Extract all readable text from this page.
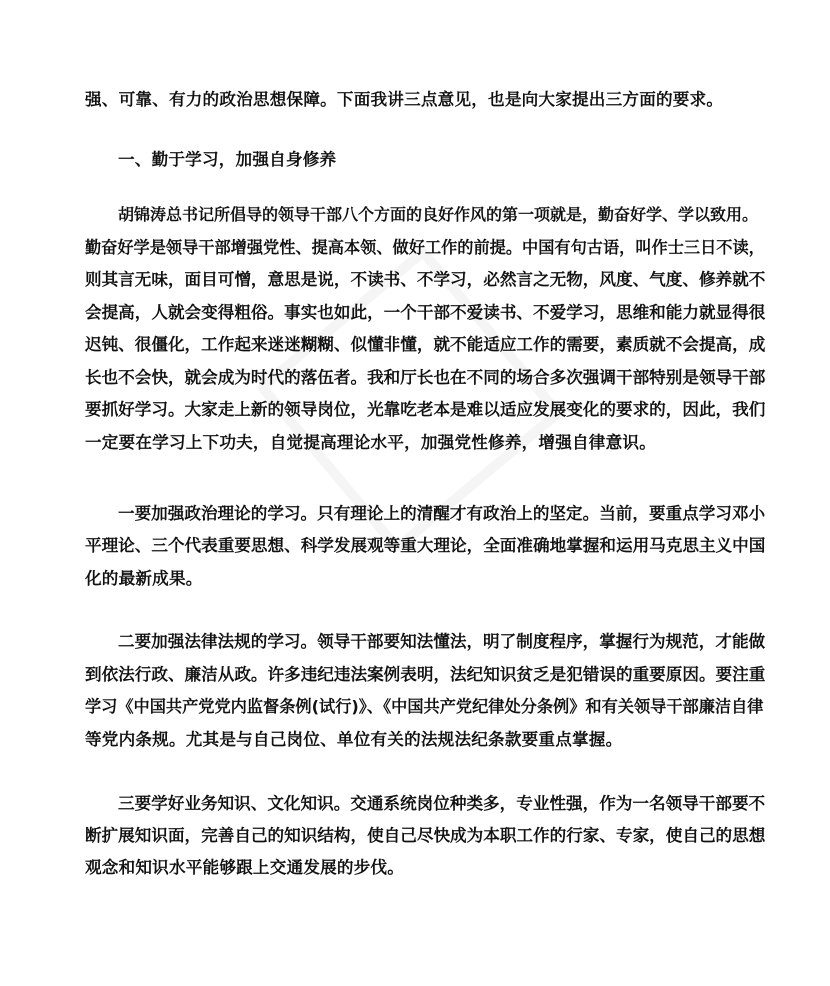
强、可靠、有力的政治思想保障。下面我讲三点意见，也是向大家提出三方面的要求。
一、勤于学习，加强自身修养
胡锦涛总书记所倡导的领导干部八个方面的良好作风的第一项就是，勤奋好学、学以致用。
勤奋好学是领导干部增强党性、提高本领、做好工作的前提。中国有句古语，叫作士三日不读，
则其言无味，面目可憎，意思是说，不读书、不学习，必然言之无物，风度、气度、修养就不
会提高，人就会变得粗俗。事实也如此，一个干部不爱读书、不爱学习，思维和能力就显得很
迟钝、很僵化，工作起来迷迷糊糊、似懂非懂，就不能适应工作的需要，素质就不会提高，成
长也不会快，就会成为时代的落伍者。我和厅长也在不同的场合多次强调干部特别是领导干部
要抓好学习。大家走上新的领导岗位，光靠吃老本是难以适应发展变化的要求的，因此，我们
一定要在学习上下功夫，自觉提高理论水平，加强党性修养，增强自律意识。
一要加强政治理论的学习。只有理论上的清醒才有政治上的坚定。当前，要重点学习邓小
平理论、三个代表重要思想、科学发展观等重大理论，全面准确地掌握和运用马克思主义中国
化的最新成果。
二要加强法律法规的学习。领导干部要知法懂法，明了制度程序，掌握行为规范，才能做
到依法行政、廉洁从政。许多违纪违法案例表明，法纪知识贫乏是犯错误的重要原因。要注重
学习《中国共产党党内监督条例(试行)》、《中国共产党纪律处分条例》和有关领导干部廉洁自律
等党内条规。尤其是与自己岗位、单位有关的法规法纪条款要重点掌握。
三要学好业务知识、文化知识。交通系统岗位种类多，专业性强，作为一名领导干部要不
断扩展知识面，完善自己的知识结构，使自己尽快成为本职工作的行家、专家，使自己的思想
观念和知识水平能够跟上交通发展的步伐。
